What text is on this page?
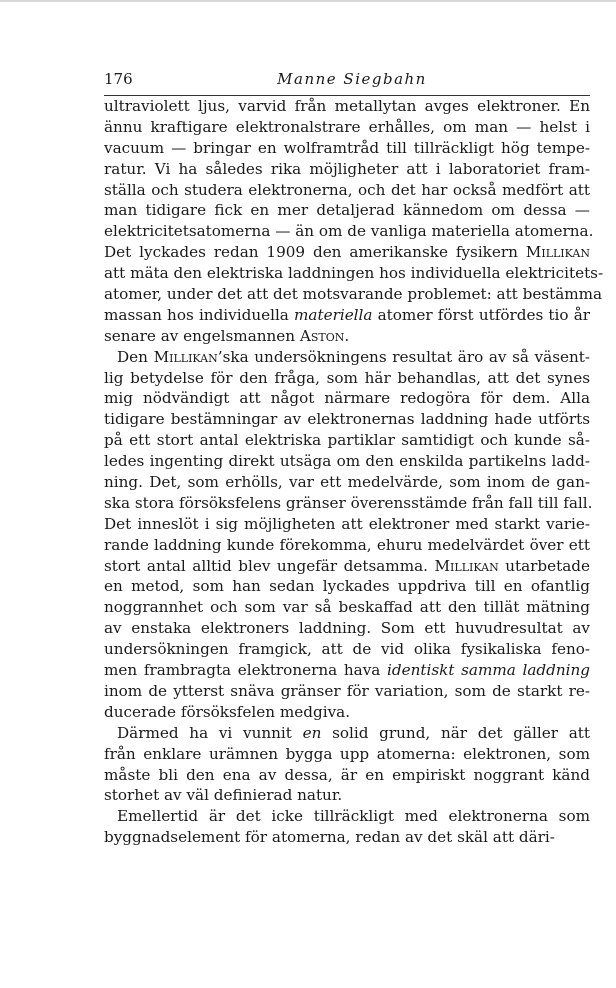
176	Manne Siegbahn
ultraviolett ljus, varvid från metallytan avges elektroner. En
ännu kraftigare elektronalstrare erhålles, om man — helst i
vacuum — bringar en wolframtråd till tillräckligt hög tempe-
ratur. Vi ha således rika möjligheter att i laboratoriet fram-
ställa och studera elektronerna, och det har också medfört att
man tidigare fick en mer detaljerad kännedom om dessa —
elektricitetsatomerna — än om de vanliga materiella atomerna.
Det lyckades redan 1909 den amerikanske fysikern Millikan
att mäta den elektriska laddningen hos individuella elektricitets-
atomer, under det att det motsvarande problemet: att bestämma
massan hos individuella materiella atomer först utfördes tio år
senare av engelsmannen Aston.
Den Millikan’ska undersökningens resultat äro av så väsent-
lig betydelse för den fråga, som här behandlas, att det synes
mig nödvändigt att något närmare redogöra för dem. Alla
tidigare bestämningar av elektronernas laddning hade utförts
på ett stort antal elektriska partiklar samtidigt och kunde så-
ledes ingenting direkt utsäga om den enskilda partikelns ladd-
ning. Det, som erhölls, var ett medelvärde, som inom de gan-
ska stora försöksfelens gränser överensstämde från fall till fall.
Det inneslöt i sig möjligheten att elektroner med starkt varie-
rande laddning kunde förekomma, ehuru medelvärdet över ett
stort antal alltid blev ungefär detsamma. Millikan utarbetade
en metod, som han sedan lyckades uppdriva till en ofantlig
noggrannhet och som var så beskaffad att den tillät mätning
av enstaka elektroners laddning. Som ett huvudresultat av
undersökningen framgick, att de vid olika fysikaliska feno-
men frambragta elektronerna hava identiskt samma laddning
inom de ytterst snäva gränser för variation, som de starkt re-
ducerade försöksfelen medgiva.
Därmed ha vi vunnit en solid grund, när det gäller att
från enklare urämnen bygga upp atomerna: elektronen, som
måste bli den ena av dessa, är en empiriskt noggrant känd
storhet av väl definierad natur.
Emellertid är det icke tillräckligt med elektronerna som
byggnadselement för atomerna, redan av det skäl att däri-
